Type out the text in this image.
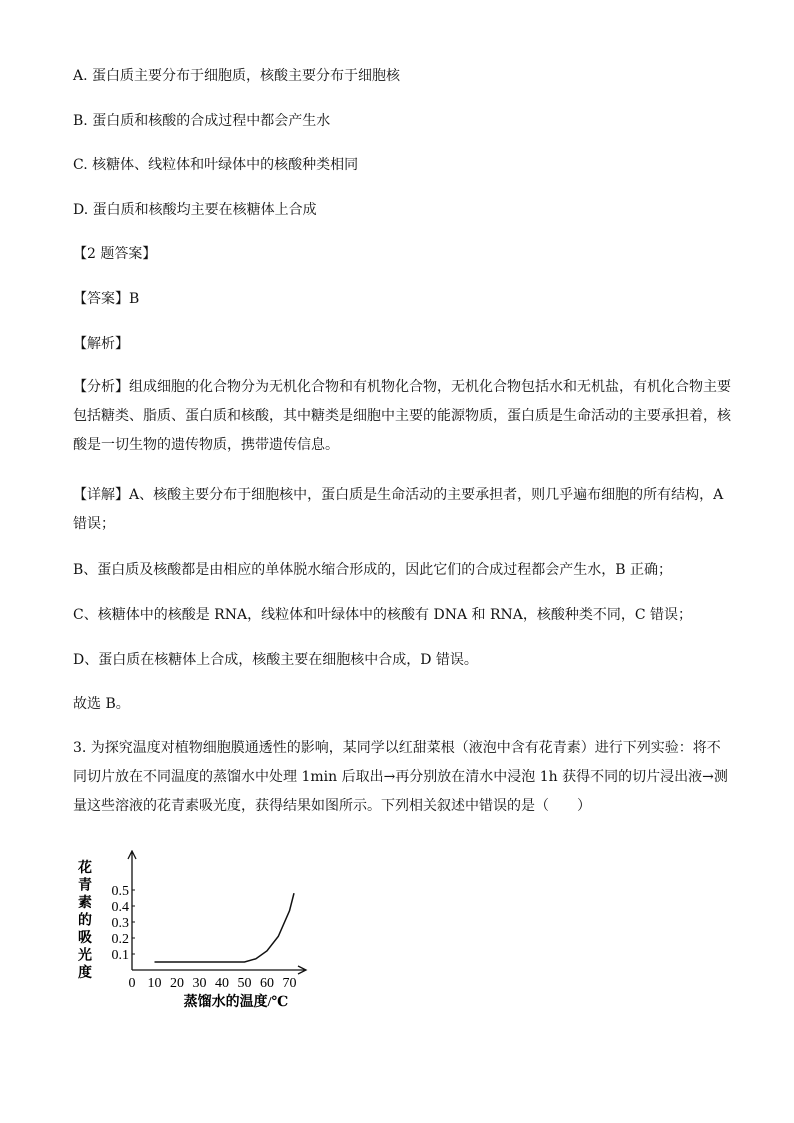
A. 蛋白质主要分布于细胞质，核酸主要分布于细胞核
B. 蛋白质和核酸的合成过程中都会产生水
C. 核糖体、线粒体和叶绿体中的核酸种类相同
D. 蛋白质和核酸均主要在核糖体上合成
【2 题答案】
【答案】B
【解析】
【分析】组成细胞的化合物分为无机化合物和有机物化合物，无机化合物包括水和无机盐，有机化合物主要包括糖类、脂质、蛋白质和核酸，其中糖类是细胞中主要的能源物质，蛋白质是生命活动的主要承担着，核酸是一切生物的遗传物质，携带遗传信息。
【详解】A、核酸主要分布于细胞核中，蛋白质是生命活动的主要承担者，则几乎遍布细胞的所有结构，A 错误；
B、蛋白质及核酸都是由相应的单体脱水缩合形成的，因此它们的合成过程都会产生水，B 正确；
C、核糖体中的核酸是 RNA，线粒体和叶绿体中的核酸有 DNA 和 RNA，核酸种类不同，C 错误；
D、蛋白质在核糖体上合成，核酸主要在细胞核中合成，D 错误。
故选 B。
3. 为探究温度对植物细胞膜通透性的影响，某同学以红甜菜根（液泡中含有花青素）进行下列实验：将不同切片放在不同温度的蒸馏水中处理 1min 后取出→再分别放在清水中浸泡 1h 获得不同的切片浸出液→测量这些溶液的花青素吸光度，获得结果如图所示。下列相关叙述中错误的是（　　）
花青素的吸光度
0.1
0.2
0.3
0.4
0.5
0 10 20 30 40 50 60 70
蒸馏水的温度/℃
